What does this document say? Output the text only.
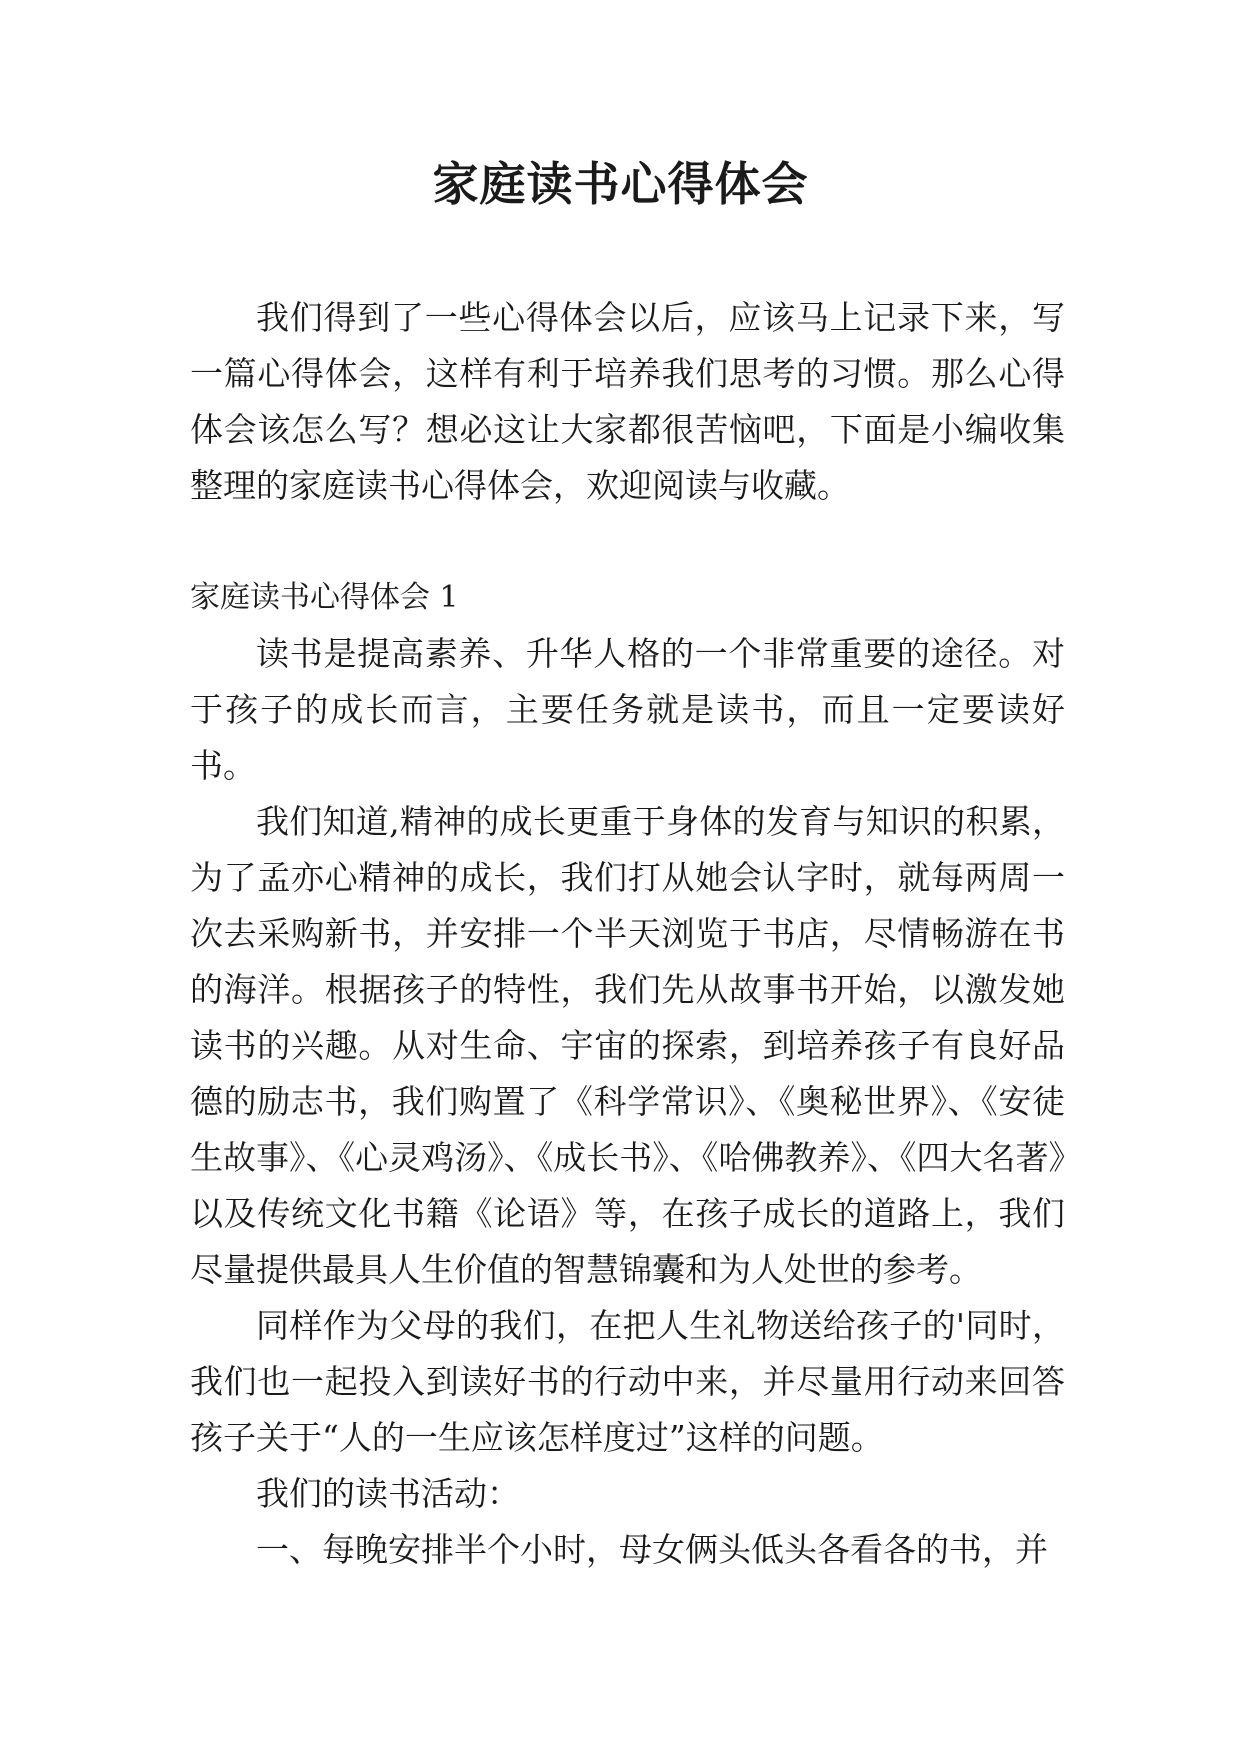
家庭读书心得体会

我们得到了一些心得体会以后，应该马上记录下来，写一篇心得体会，这样有利于培养我们思考的习惯。那么心得体会该怎么写？想必这让大家都很苦恼吧，下面是小编收集整理的家庭读书心得体会，欢迎阅读与收藏。

家庭读书心得体会 1

读书是提高素养、升华人格的一个非常重要的途径。对于孩子的成长而言，主要任务就是读书，而且一定要读好书。

我们知道,精神的成长更重于身体的发育与知识的积累，为了孟亦心精神的成长，我们打从她会认字时，就每两周一次去采购新书，并安排一个半天浏览于书店，尽情畅游在书的海洋。根据孩子的特性，我们先从故事书开始，以激发她读书的兴趣。从对生命、宇宙的探索，到培养孩子有良好品德的励志书，我们购置了《科学常识》、《奥秘世界》、《安徒生故事》、《心灵鸡汤》、《成长书》、《哈佛教养》、《四大名著》以及传统文化书籍《论语》等，在孩子成长的道路上，我们尽量提供最具人生价值的智慧锦囊和为人处世的参考。

同样作为父母的我们，在把人生礼物送给孩子的'同时，我们也一起投入到读好书的行动中来，并尽量用行动来回答孩子关于“人的一生应该怎样度过”这样的问题。

我们的读书活动：

一、每晚安排半个小时，母女俩头低头各看各的书，并
